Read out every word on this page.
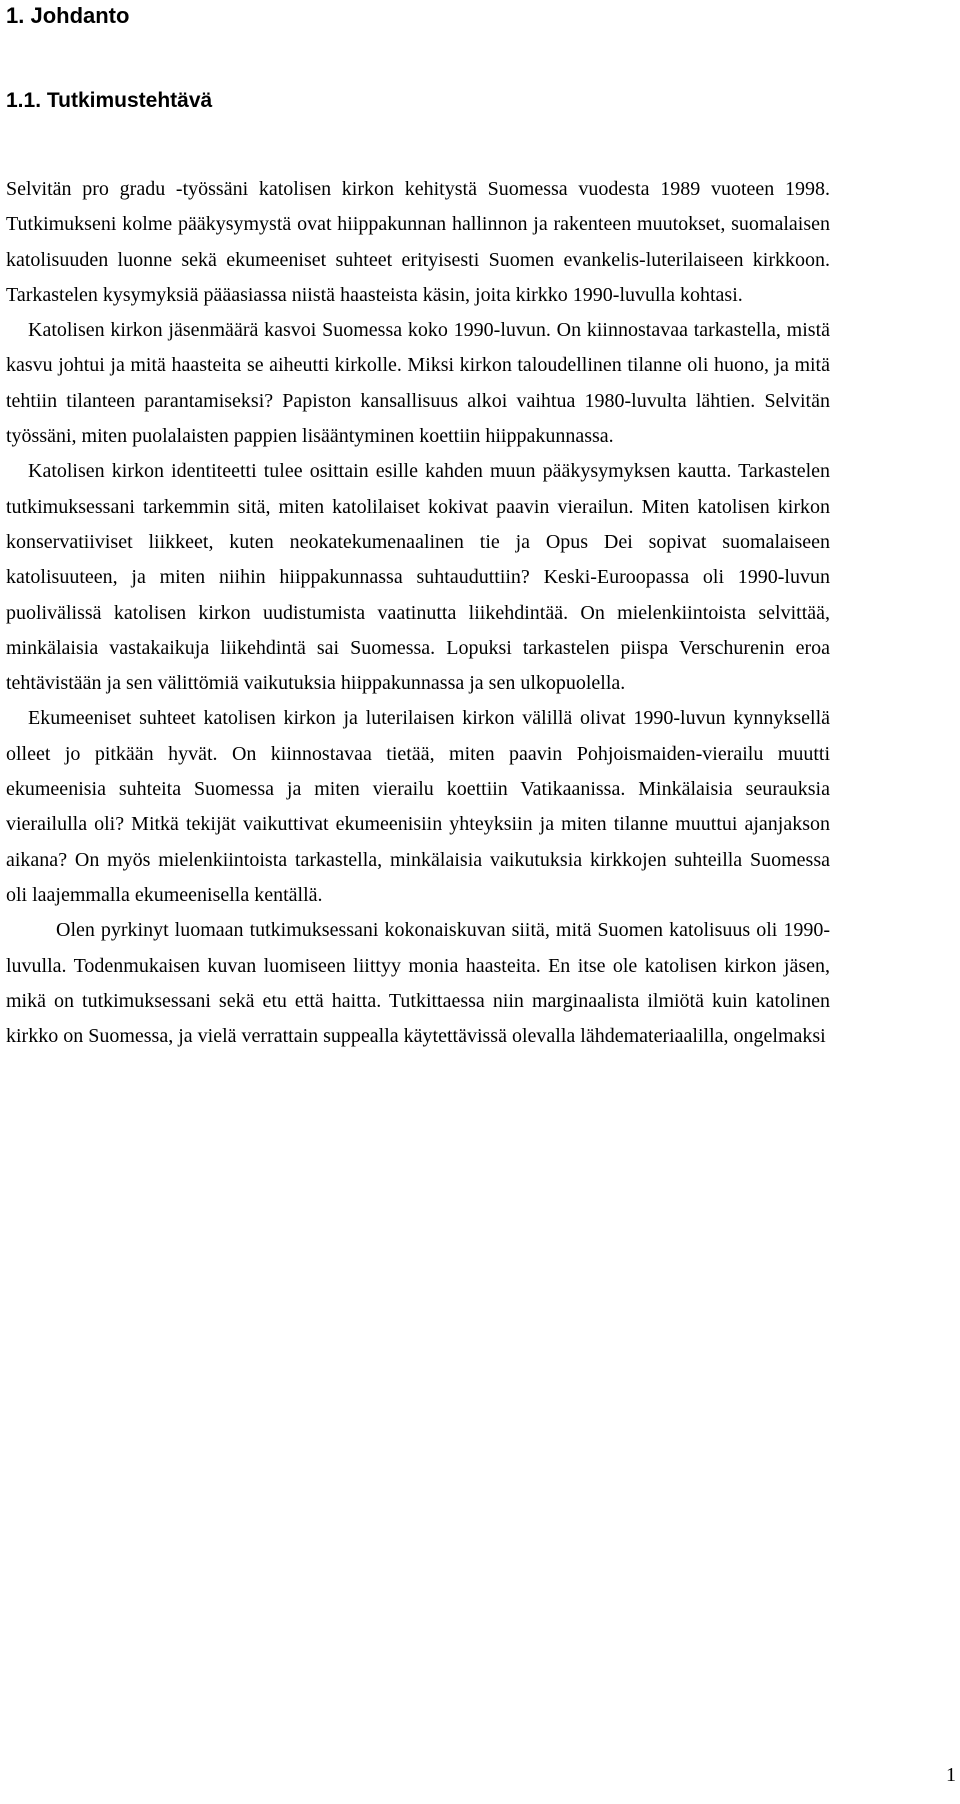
1. Johdanto
1.1. Tutkimustehtävä

Selvitän pro gradu -työssäni katolisen kirkon kehitystä Suomessa vuodesta 1989 vuoteen 1998. Tutkimukseni kolme pääkysymystä ovat hiippakunnan hallinnon ja rakenteen muutokset, suomalaisen katolisuuden luonne sekä ekumeeniset suhteet erityisesti Suomen evankelis-luterilaiseen kirkkoon. Tarkastelen kysymyksiä pääasiassa niistä haasteista käsin, joita kirkko 1990-luvulla kohtasi.

Katolisen kirkon jäsenmäärä kasvoi Suomessa koko 1990-luvun. On kiinnostavaa tarkastella, mistä kasvu johtui ja mitä haasteita se aiheutti kirkolle. Miksi kirkon taloudellinen tilanne oli huono, ja mitä tehtiin tilanteen parantamiseksi? Papiston kansallisuus alkoi vaihtua 1980-luvulta lähtien. Selvitän työssäni, miten puolalaisten pappien lisääntyminen koettiin hiippakunnassa.

Katolisen kirkon identiteetti tulee osittain esille kahden muun pääkysymyksen kautta. Tarkastelen tutkimuksessani tarkemmin sitä, miten katolilaiset kokivat paavin vierailun. Miten katolisen kirkon konservatiiviset liikkeet, kuten neokatekumenaalinen tie ja Opus Dei sopivat suomalaiseen katolisuuteen, ja miten niihin hiippakunnassa suhtauduttiin? Keski-Euroopassa oli 1990-luvun puolivälissä katolisen kirkon uudistumista vaatinutta liikehdintää. On mielenkiintoista selvittää, minkälaisia vastakaikuja liikehdintä sai Suomessa. Lopuksi tarkastelen piispa Verschurenin eroa tehtävistään ja sen välittömiä vaikutuksia hiippakunnassa ja sen ulkopuolella.

Ekumeeniset suhteet katolisen kirkon ja luterilaisen kirkon välillä olivat 1990-luvun kynnyksellä olleet jo pitkään hyvät. On kiinnostavaa tietää, miten paavin Pohjoismaiden-vierailu muutti ekumeenisia suhteita Suomessa ja miten vierailu koettiin Vatikaanissa. Minkälaisia seurauksia vierailulla oli? Mitkä tekijät vaikuttivat ekumeenisiin yhteyksiin ja miten tilanne muuttui ajanjakson aikana? On myös mielenkiintoista tarkastella, minkälaisia vaikutuksia kirkkojen suhteilla Suomessa oli laajemmalla ekumeenisella kentällä.

Olen pyrkinyt luomaan tutkimuksessani kokonaiskuvan siitä, mitä Suomen katolisuus oli 1990-luvulla. Todenmukaisen kuvan luomiseen liittyy monia haasteita. En itse ole katolisen kirkon jäsen, mikä on tutkimuksessani sekä etu että haitta. Tutkittaessa niin marginaalista ilmiötä kuin katolinen kirkko on Suomessa, ja vielä verrattain suppealla käytettävissä olevalla lähdemateriaalilla, ongelmaksi

1
